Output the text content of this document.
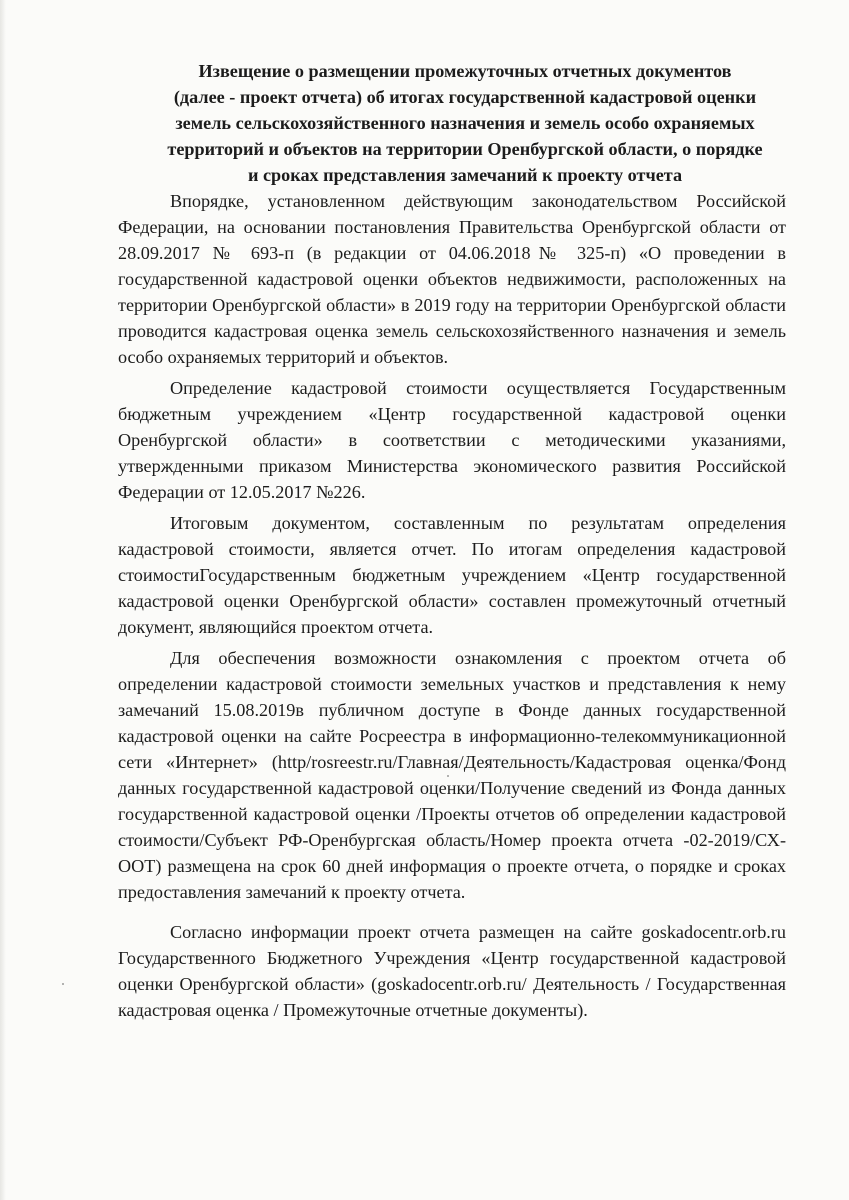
Извещение о размещении промежуточных отчетных документов
(далее - проект отчета) об итогах государственной кадастровой оценки
земель сельскохозяйственного назначения и земель особо охраняемых
территорий и объектов на территории Оренбургской области, о порядке
и сроках представления замечаний к проекту отчета

Впорядке, установленном действующим законодательством Российской Федерации, на основании постановления Правительства Оренбургской области от 28.09.2017 № 693-п (в редакции от 04.06.2018№ 325-п) «О проведении в государственной кадастровой оценки объектов недвижимости, расположенных на территории Оренбургской области» в 2019 году на территории Оренбургской области проводится кадастровая оценка земель сельскохозяйственного назначения и земель особо охраняемых территорий и объектов.

Определение кадастровой стоимости осуществляется Государственным бюджетным учреждением «Центр государственной кадастровой оценки Оренбургской области» в соответствии с методическими указаниями, утвержденными приказом Министерства экономического развития Российской Федерации от 12.05.2017 №226.

Итоговым документом, составленным по результатам определения кадастровой стоимости, является отчет. По итогам определения кадастровой стоимостиГосударственным бюджетным учреждением «Центр государственной кадастровой оценки Оренбургской области» составлен промежуточный отчетный документ, являющийся проектом отчета.

Для обеспечения возможности ознакомления с проектом отчета об определении кадастровой стоимости земельных участков и представления к нему замечаний 15.08.2019в публичном доступе в Фонде данных государственной кадастровой оценки на сайте Росреестра в информационно-телекоммуникационной сети «Интернет» (http/rosreestr.ru/Главная/Деятельность/Кадастровая оценка/Фонд данных государственной кадастровой оценки/Получение сведений из Фонда данных государственной кадастровой оценки /Проекты отчетов об определении кадастровой стоимости/Субъект РФ-Оренбургская область/Номер проекта отчета -02-2019/СХ-ООТ) размещена на срок 60 дней информация о проекте отчета, о порядке и сроках предоставления замечаний к проекту отчета.

Согласно информации проект отчета размещен на сайте goskadocentr.orb.ru Государственного Бюджетного Учреждения «Центр государственной кадастровой оценки Оренбургской области» (goskadocentr.orb.ru/ Деятельность / Государственная кадастровая оценка / Промежуточные отчетные документы).
